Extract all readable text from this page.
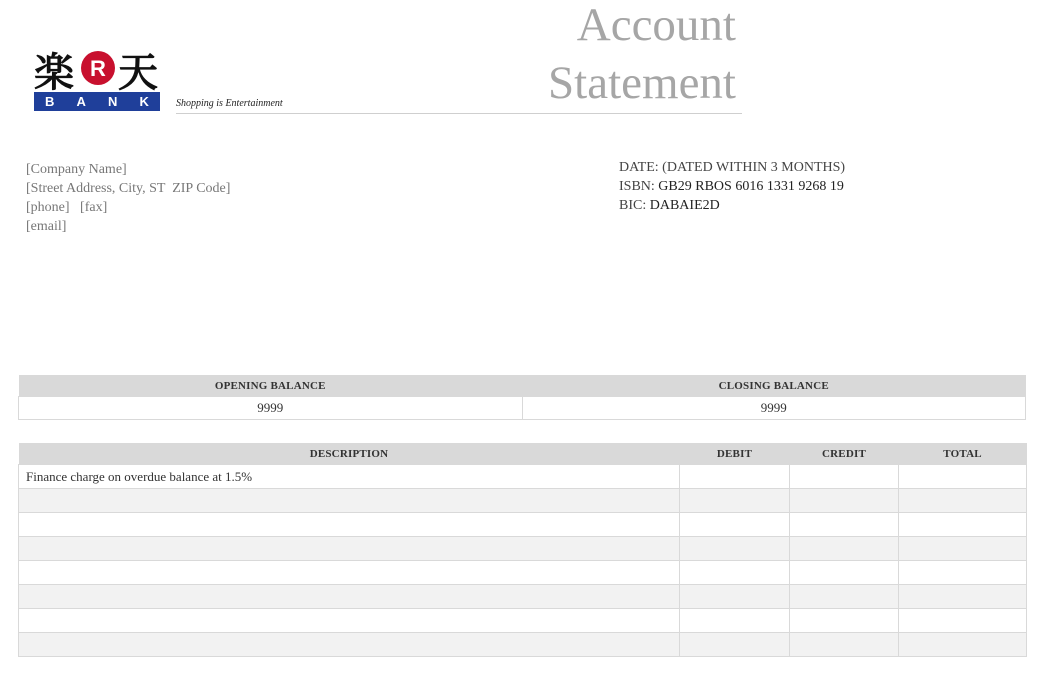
楽 R 天
B A N K	Shopping is Entertainment
Account
Statement
[Company Name]
[Street Address, City, ST  ZIP Code]
[phone]   [fax]
[email]
DATE: (DATED WITHIN 3 MONTHS)
ISBN: GB29 RBOS 6016 1331 9268 19
BIC: DABAIE2D
OPENING BALANCE	CLOSING BALANCE
9999	9999
DESCRIPTION	DEBIT	CREDIT	TOTAL
Finance charge on overdue balance at 1.5%			
